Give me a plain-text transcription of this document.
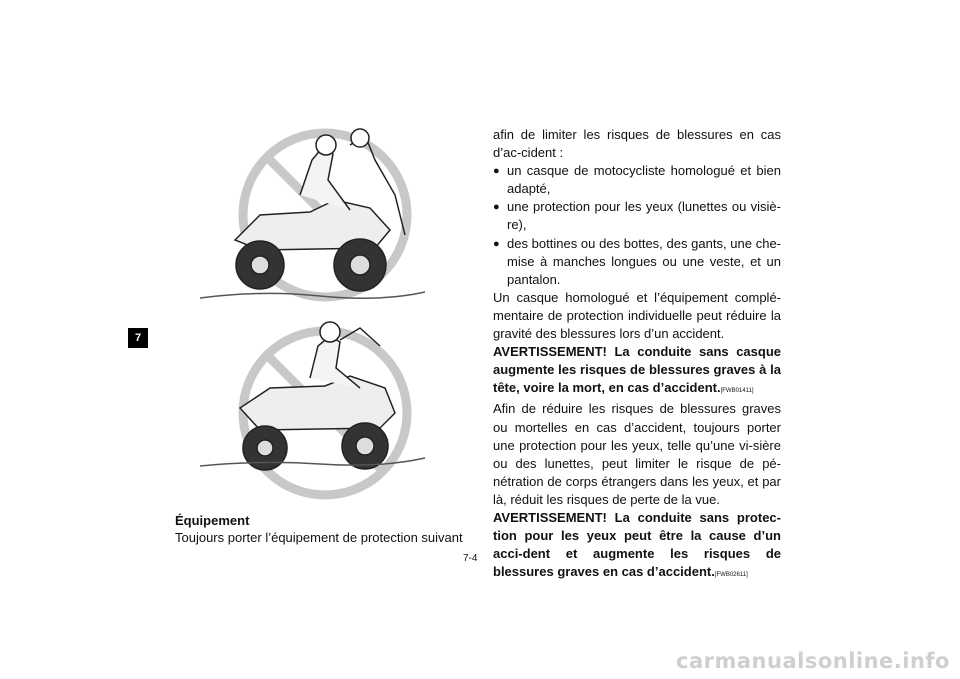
7
Équipement

Toujours porter l’équipement de protection suivant

afin de limiter les risques de blessures en cas d’ac-cident :

● un casque de motocycliste homologué et bien adapté,
● une protection pour les yeux (lunettes ou visiè-re),
● des bottines ou des bottes, des gants, une che-mise à manches longues ou une veste, et un pantalon.

Un casque homologué et l’équipement complé-mentaire de protection individuelle peut réduire la gravité des blessures lors d’un accident.

AVERTISSEMENT! La conduite sans casque augmente les risques de blessures graves à la tête, voire la mort, en cas d’accident.[FWB01411]

Afin de réduire les risques de blessures graves ou mortelles en cas d’accident, toujours porter une protection pour les yeux, telle qu’une vi-sière ou des lunettes, peut limiter le risque de pé-nétration de corps étrangers dans les yeux, et par là, réduit les risques de perte de la vue.

AVERTISSEMENT! La conduite sans protec-tion pour les yeux peut être la cause d’un acci-dent et augmente les risques de blessures graves en cas d’accident.[FWB02611]

7-4
carmanualsonline.info
